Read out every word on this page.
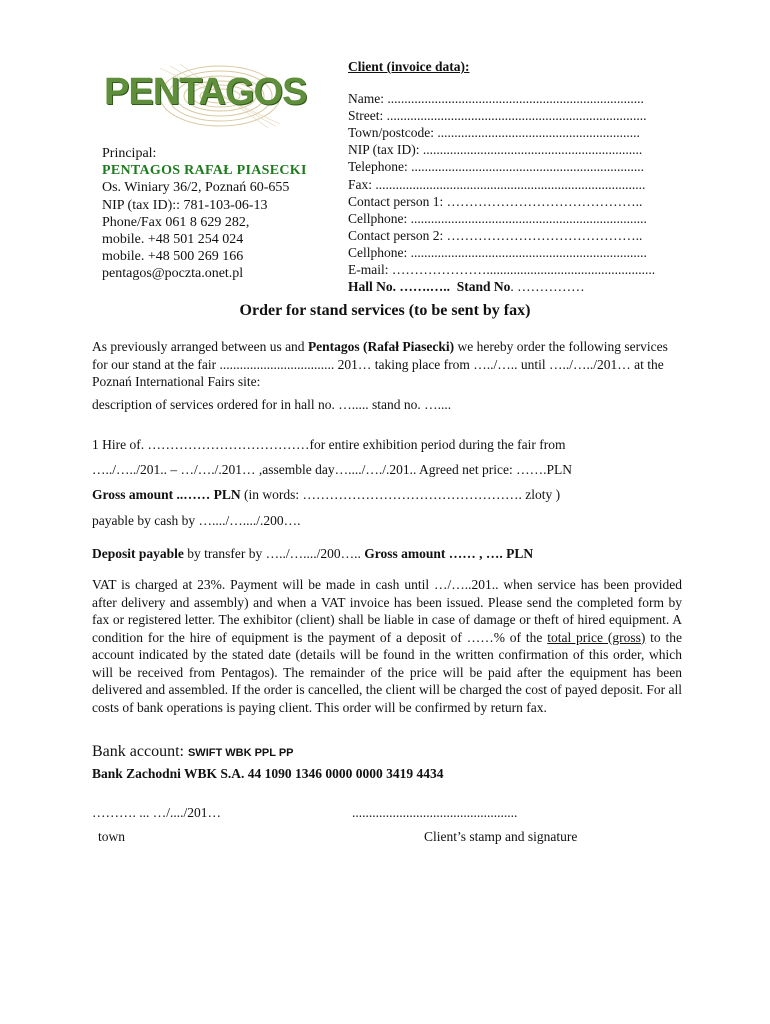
PENTAGOS
Principal:
PENTAGOS RAFAŁ PIASECKI
Os. Winiary 36/2, Poznań 60-655
NIP (tax ID):: 781-103-06-13
Phone/Fax 061 8 629 282,
mobile. +48 501 254 024
mobile. +48 500 269 166
pentagos@poczta.onet.pl
Client (invoice data):
Name: ............................................................................
Street: .............................................................................
Town/postcode: ............................................................
NIP (tax ID): .................................................................
Telephone: .....................................................................
Fax: ................................................................................
Contact person 1: ……………………………………..
Cellphone: ......................................................................
Contact person 2: ……………………………………..
Cellphone: ......................................................................
E-mail: …………………..................................................
Hall No. …….….. Stand No. ……………
Order for stand services (to be sent by fax)
As previously arranged between us and Pentagos (Rafał Piasecki) we hereby order the following services for our stand at the fair .................................. 201… taking place from …../….. until …../…../201… at the Poznań International Fairs site:
description of services ordered for in hall no. …..... stand no. …....
1 Hire of. ………………………………for entire exhibition period during the fair from
…../…../201.. – …/…./.201… ,assemble day…..../…./.201.. Agreed net price: …….PLN
Gross amount ..…… PLN (in words: …………………………………………. zloty )
payable by cash by …..../…..../.200….
Deposit payable by transfer by …../…..../200….. Gross amount …… , …. PLN
VAT is charged at 23%. Payment will be made in cash until …/…..201.. when service has been provided after delivery and assembly) and when a VAT invoice has been issued. Please send the completed form by fax or registered letter. The exhibitor (client) shall be liable in case of damage or theft of hired equipment. A condition for the hire of equipment is the payment of a deposit of ……% of the total price (gross) to the account indicated by the stated date (details will be found in the written confirmation of this order, which will be received from Pentagos). The remainder of the price will be paid after the equipment has been delivered and assembled. If the order is cancelled, the client will be charged the cost of payed deposit. For all costs of bank operations is paying client. This order will be confirmed by return fax.
Bank account: SWIFT WBK PPL PP
Bank Zachodni WBK S.A. 44 1090 1346 0000 0000 3419 4434
………. ... …/..../201…	.................................................
town	Client’s stamp and signature
